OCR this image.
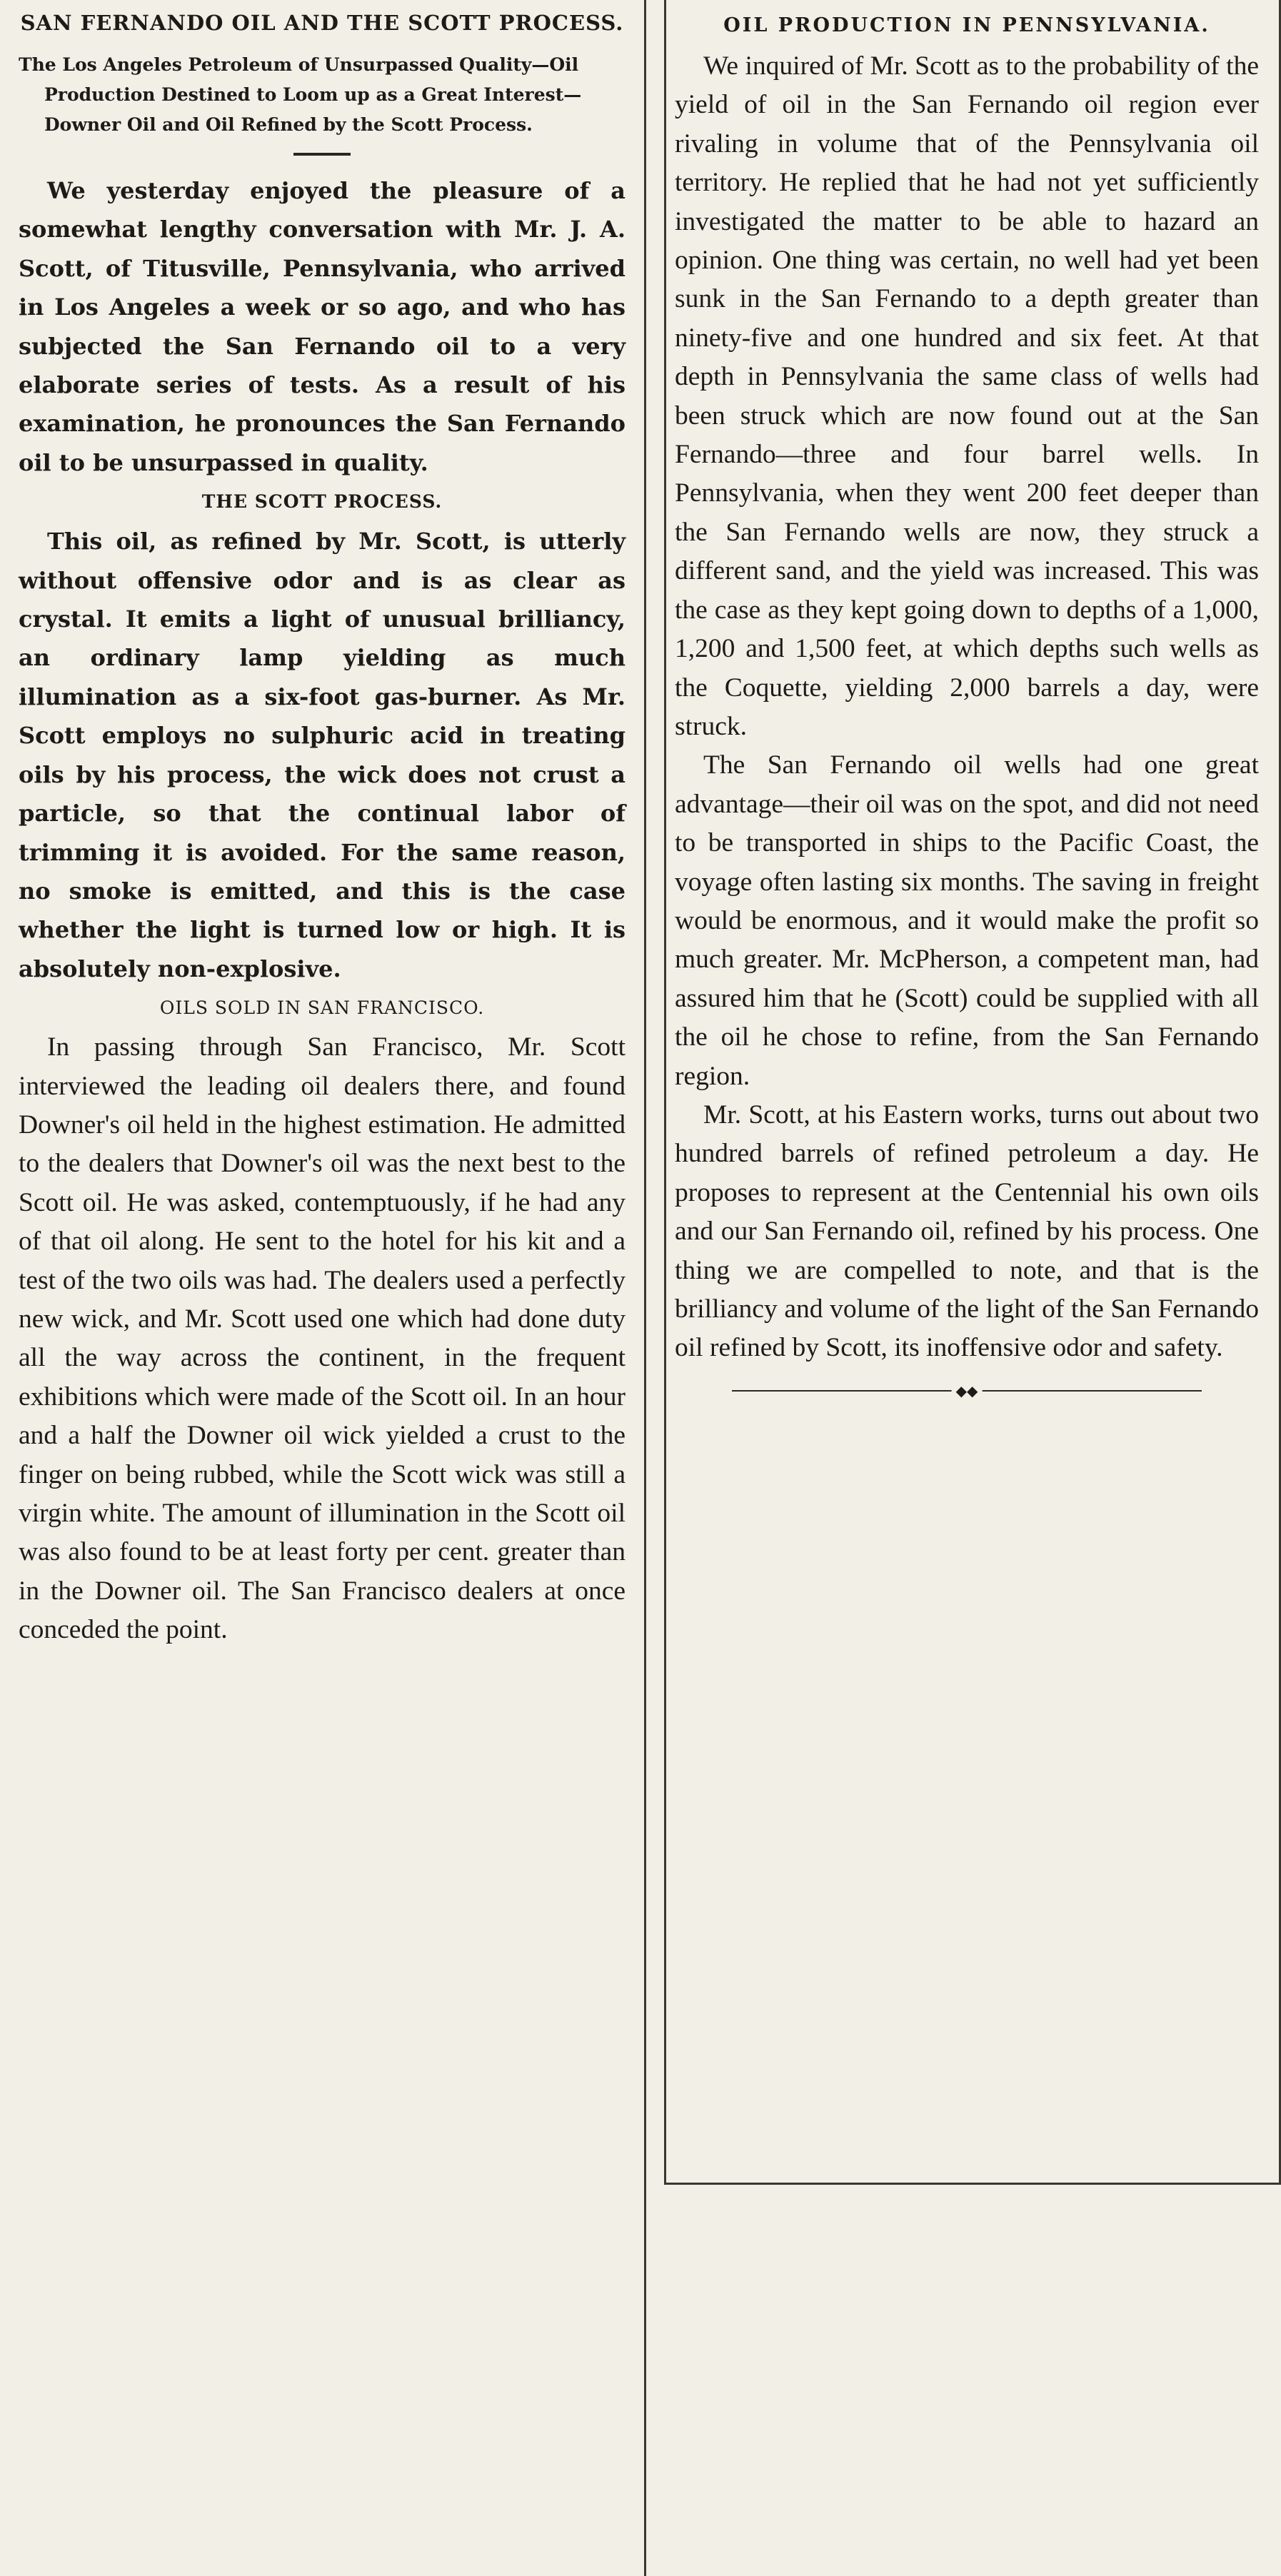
SAN FERNANDO OIL AND THE SCOTT PROCESS.

The Los Angeles Petroleum of Unsurpassed Quality—Oil Production Destined to Loom up as a Great Interest—Downer Oil and Oil Refined by the Scott Process.

We yesterday enjoyed the pleasure of a somewhat lengthy conversation with Mr. J. A. Scott, of Titusville, Pennsylvania, who arrived in Los Angeles a week or so ago, and who has subjected the San Fernando oil to a very elaborate series of tests. As a result of his examination, he pronounces the San Fernando oil to be unsurpassed in quality.

THE SCOTT PROCESS.

This oil, as refined by Mr. Scott, is utterly without offensive odor and is as clear as crystal. It emits a light of unusual brilliancy, an ordinary lamp yielding as much illumination as a six-foot gas-burner. As Mr. Scott employs no sulphuric acid in treating oils by his process, the wick does not crust a particle, so that the continual labor of trimming it is avoided. For the same reason, no smoke is emitted, and this is the case whether the light is turned low or high. It is absolutely non-explosive.

OILS SOLD IN SAN FRANCISCO.

In passing through San Francisco, Mr. Scott interviewed the leading oil dealers there, and found Downer's oil held in the highest estimation. He admitted to the dealers that Downer's oil was the next best to the Scott oil. He was asked, contemptuously, if he had any of that oil along. He sent to the hotel for his kit and a test of the two oils was had. The dealers used a perfectly new wick, and Mr. Scott used one which had done duty all the way across the continent, in the frequent exhibitions which were made of the Scott oil. In an hour and a half the Downer oil wick yielded a crust to the finger on being rubbed, while the Scott wick was still a virgin white. The amount of illumination in the Scott oil was also found to be at least forty per cent. greater than in the Downer oil. The San Francisco dealers at once conceded the point.

OIL PRODUCTION IN PENNSYLVANIA.

We inquired of Mr. Scott as to the probability of the yield of oil in the San Fernando oil region ever rivaling in volume that of the Pennsylvania oil territory. He replied that he had not yet sufficiently investigated the matter to be able to hazard an opinion. One thing was certain, no well had yet been sunk in the San Fernando to a depth greater than ninety-five and one hundred and six feet. At that depth in Pennsylvania the same class of wells had been struck which are now found out at the San Fernando—three and four barrel wells. In Pennsylvania, when they went 200 feet deeper than the San Fernando wells are now, they struck a different sand, and the yield was increased. This was the case as they kept going down to depths of a 1,000, 1,200 and 1,500 feet, at which depths such wells as the Coquette, yielding 2,000 barrels a day, were struck.

The San Fernando oil wells had one great advantage—their oil was on the spot, and did not need to be transported in ships to the Pacific Coast, the voyage often lasting six months. The saving in freight would be enormous, and it would make the profit so much greater. Mr. McPherson, a competent man, had assured him that he (Scott) could be supplied with all the oil he chose to refine, from the San Fernando region.

Mr. Scott, at his Eastern works, turns out about two hundred barrels of refined petroleum a day. He proposes to represent at the Centennial his own oils and our San Fernando oil, refined by his process. One thing we are compelled to note, and that is the brilliancy and volume of the light of the San Fernando oil refined by Scott, its inoffensive odor and safety.

◆◆
